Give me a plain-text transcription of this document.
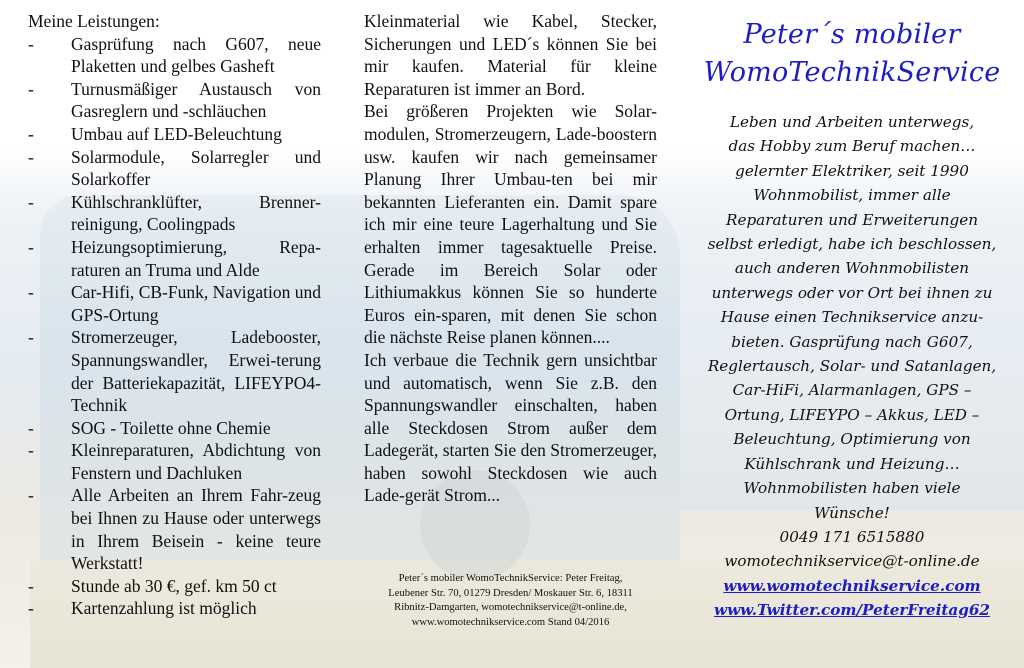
Meine Leistungen:

- Gasprüfung nach G607, neue Plaketten und gelbes Gasheft
- Turnusmäßiger Austausch von Gasreglern und -schläuchen
- Umbau auf LED-Beleuchtung
- Solarmodule, Solarregler und Solarkoffer
- Kühlschranklüfter, Brenner-reinigung, Coolingpads
- Heizungsoptimierung, Repa-raturen an Truma und Alde
- Car-Hifi, CB-Funk, Navigation und GPS-Ortung
- Stromerzeuger, Ladebooster, Spannungswandler, Erwei-terung der Batteriekapazität, LIFEYPO4-Technik
- SOG - Toilette ohne Chemie
- Kleinreparaturen, Abdichtung von Fenstern und Dachluken
- Alle Arbeiten an Ihrem Fahr-zeug bei Ihnen zu Hause oder unterwegs in Ihrem Beisein - keine teure Werkstatt!
- Stunde ab 30 €, gef. km 50 ct
- Kartenzahlung ist möglich

Kleinmaterial wie Kabel, Stecker, Sicherungen und LED´s können Sie bei mir kaufen. Material für kleine Reparaturen ist immer an Bord.

Bei größeren Projekten wie Solar-modulen, Stromerzeugern, Lade-boostern usw. kaufen wir nach gemeinsamer Planung Ihrer Umbau-ten bei mir bekannten Lieferanten ein. Damit spare ich mir eine teure Lagerhaltung und Sie erhalten immer tagesaktuelle Preise. Gerade im Bereich Solar oder Lithiumakkus können Sie so hunderte Euros ein-sparen, mit denen Sie schon die nächste Reise planen können....

Ich verbaue die Technik gern unsichtbar und automatisch, wenn Sie z.B. den Spannungswandler einschalten, haben alle Steckdosen Strom außer dem Ladegerät, starten Sie den Stromerzeuger, haben sowohl Steckdosen wie auch Lade-gerät Strom...

Peter´s mobiler WomoTechnikService: Peter Freitag,

Leubener Str. 70, 01279 Dresden/ Moskauer Str. 6, 18311

Ribnitz-Damgarten, womotechnikservice@t-online.de,

www.womotechnikservice.com Stand 04/2016

Peter´s mobiler

WomoTechnikService

Leben und Arbeiten unterwegs,

das Hobby zum Beruf machen…

gelernter Elektriker, seit 1990

Wohnmobilist, immer alle

Reparaturen und Erweiterungen

selbst erledigt, habe ich beschlossen,

auch anderen Wohnmobilisten

unterwegs oder vor Ort bei ihnen zu

Hause einen Technikservice anzu-

bieten. Gasprüfung nach G607,

Reglertausch, Solar- und Satanlagen,

Car-HiFi, Alarmanlagen, GPS –

Ortung, LIFEYPO – Akkus, LED –

Beleuchtung, Optimierung von

Kühlschrank und Heizung…

Wohnmobilisten haben viele

Wünsche!

0049 171 6515880

womotechnikservice@t-online.de

www.womotechnikservice.com

www.Twitter.com/PeterFreitag62
